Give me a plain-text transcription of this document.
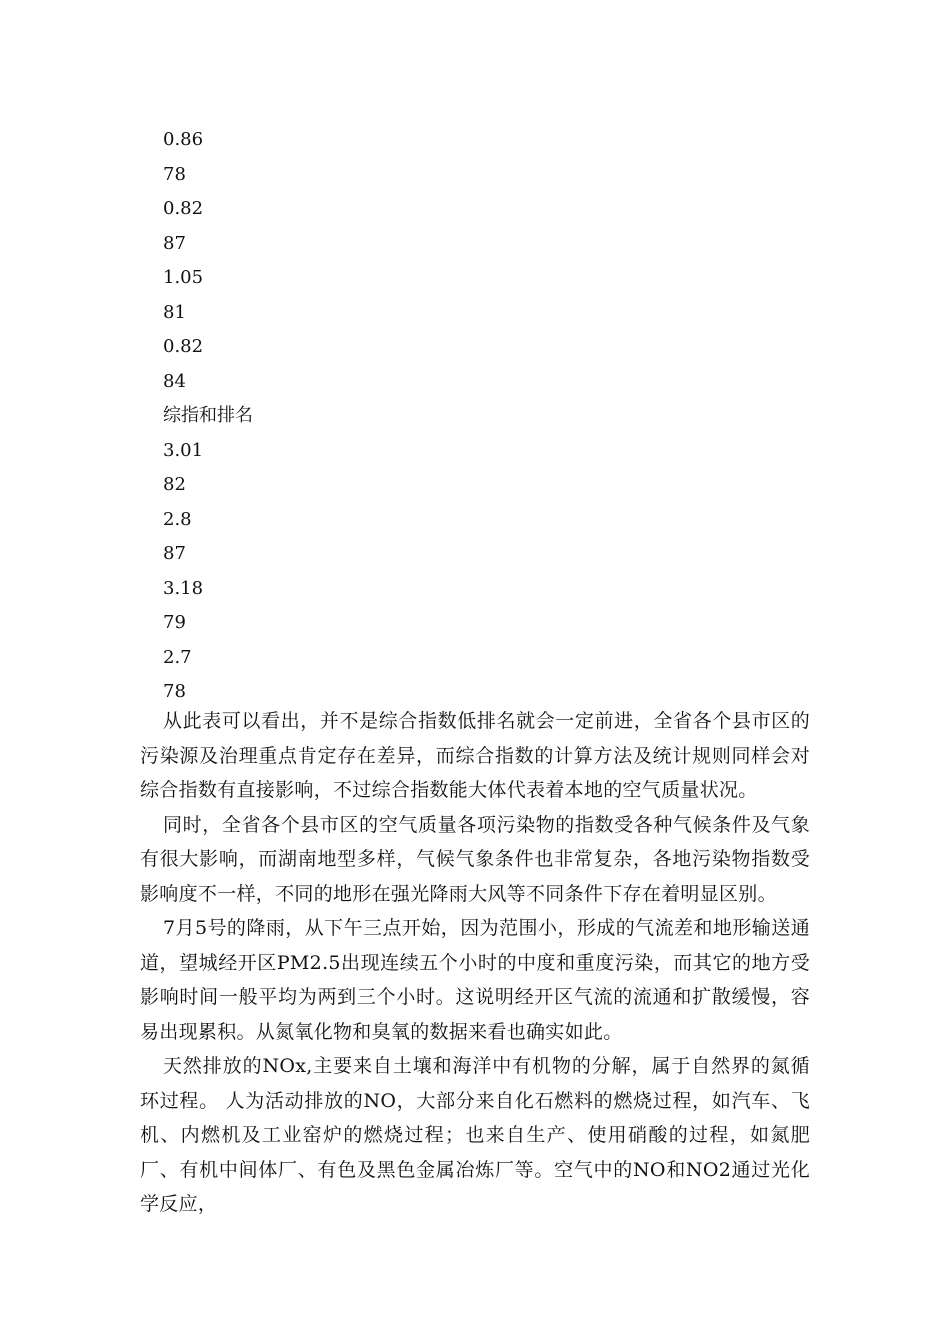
0.86
78
0.82
87
1.05
81
0.82
84
综指和排名
3.01
82
2.8
87
3.18
79
2.7
78

从此表可以看出，并不是综合指数低排名就会一定前进，全省各个县市区的污染源及治理重点肯定存在差异，而综合指数的计算方法及统计规则同样会对综合指数有直接影响，不过综合指数能大体代表着本地的空气质量状况。

同时，全省各个县市区的空气质量各项污染物的指数受各种气候条件及气象有很大影响，而湖南地型多样，气候气象条件也非常复杂，各地污染物指数受影响度不一样，不同的地形在强光降雨大风等不同条件下存在着明显区别。

7月5号的降雨，从下午三点开始，因为范围小，形成的气流差和地形输送通道，望城经开区PM2.5出现连续五个小时的中度和重度污染，而其它的地方受影响时间一般平均为两到三个小时。这说明经开区气流的流通和扩散缓慢，容易出现累积。从氮氧化物和臭氧的数据来看也确实如此。

天然排放的NOx,主要来自土壤和海洋中有机物的分解，属于自然界的氮循环过程。 人为活动排放的NO，大部分来自化石燃料的燃烧过程，如汽车、飞机、内燃机及工业窑炉的燃烧过程；也来自生产、使用硝酸的过程，如氮肥厂、有机中间体厂、有色及黑色金属冶炼厂等。空气中的NO和NO2通过光化学反应，
